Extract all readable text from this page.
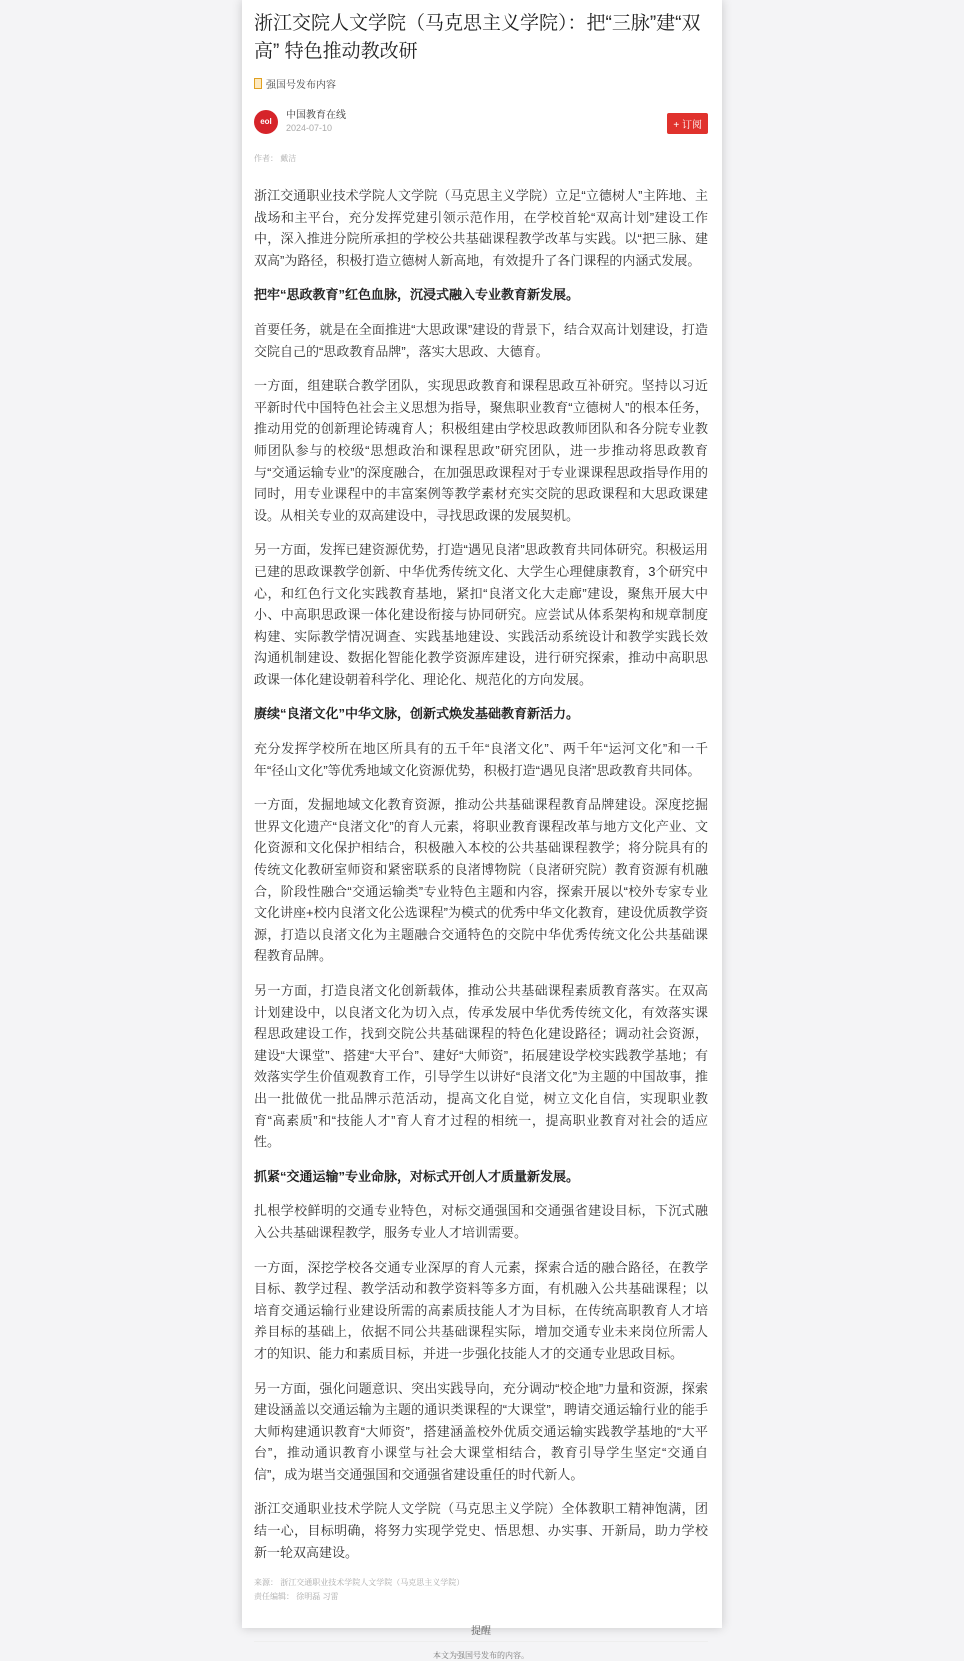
浙江交院人文学院（马克思主义学院）：把“三脉”建“双高” 特色推动教改研
强国号发布内容
eol
中国教育在线
2024-07-10	+ 订阅
作者： 戴洁

浙江交通职业技术学院人文学院（马克思主义学院）立足“立德树人”主阵地、主战场和主平台，充分发挥党建引领示范作用，在学校首轮“双高计划”建设工作中，深入推进分院所承担的学校公共基础课程教学改革与实践。以“把三脉、建双高”为路径，积极打造立德树人新高地，有效提升了各门课程的内涵式发展。

把牢“思政教育”红色血脉，沉浸式融入专业教育新发展。

首要任务，就是在全面推进“大思政课”建设的背景下，结合双高计划建设，打造交院自己的“思政教育品牌”，落实大思政、大德育。

一方面，组建联合教学团队，实现思政教育和课程思政互补研究。坚持以习近平新时代中国特色社会主义思想为指导，聚焦职业教育“立德树人”的根本任务，推动用党的创新理论铸魂育人；积极组建由学校思政教师团队和各分院专业教师团队参与的校级“思想政治和课程思政”研究团队，进一步推动将思政教育与“交通运输专业”的深度融合，在加强思政课程对于专业课课程思政指导作用的同时，用专业课程中的丰富案例等教学素材充实交院的思政课程和大思政课建设。从相关专业的双高建设中，寻找思政课的发展契机。

另一方面，发挥已建资源优势，打造“遇见良渚”思政教育共同体研究。积极运用已建的思政课教学创新、中华优秀传统文化、大学生心理健康教育，3个研究中心，和红色行文化实践教育基地，紧扣“良渚文化大走廊”建设，聚焦开展大中小、中高职思政课一体化建设衔接与协同研究。应尝试从体系架构和规章制度构建、实际教学情况调查、实践基地建设、实践活动系统设计和教学实践长效沟通机制建设、数据化智能化教学资源库建设，进行研究探索，推动中高职思政课一体化建设朝着科学化、理论化、规范化的方向发展。

赓续“良渚文化”中华文脉，创新式焕发基础教育新活力。

充分发挥学校所在地区所具有的五千年“良渚文化”、两千年“运河文化”和一千年“径山文化”等优秀地域文化资源优势，积极打造“遇见良渚”思政教育共同体。

一方面，发掘地域文化教育资源，推动公共基础课程教育品牌建设。深度挖掘世界文化遗产“良渚文化”的育人元素，将职业教育课程改革与地方文化产业、文化资源和文化保护相结合，积极融入本校的公共基础课程教学；将分院具有的传统文化教研室师资和紧密联系的良渚博物院（良渚研究院）教育资源有机融合，阶段性融合“交通运输类”专业特色主题和内容，探索开展以“校外专家专业文化讲座+校内良渚文化公选课程”为模式的优秀中华文化教育，建设优质教学资源，打造以良渚文化为主题融合交通特色的交院中华优秀传统文化公共基础课程教育品牌。

另一方面，打造良渚文化创新载体，推动公共基础课程素质教育落实。在双高计划建设中，以良渚文化为切入点，传承发展中华优秀传统文化，有效落实课程思政建设工作，找到交院公共基础课程的特色化建设路径；调动社会资源，建设“大课堂”、搭建“大平台”、建好“大师资”，拓展建设学校实践教学基地；有效落实学生价值观教育工作，引导学生以讲好“良渚文化”为主题的中国故事，推出一批做优一批品牌示范活动，提高文化自觉，树立文化自信，实现职业教育“高素质”和“技能人才”育人育才过程的相统一，提高职业教育对社会的适应性。

抓紧“交通运输”专业命脉，对标式开创人才质量新发展。

扎根学校鲜明的交通专业特色，对标交通强国和交通强省建设目标，下沉式融入公共基础课程教学，服务专业人才培训需要。

一方面，深挖学校各交通专业深厚的育人元素，探索合适的融合路径，在教学目标、教学过程、教学活动和教学资料等多方面，有机融入公共基础课程；以培育交通运输行业建设所需的高素质技能人才为目标，在传统高职教育人才培养目标的基础上，依据不同公共基础课程实际，增加交通专业未来岗位所需人才的知识、能力和素质目标，并进一步强化技能人才的交通专业思政目标。

另一方面，强化问题意识、突出实践导向，充分调动“校企地”力量和资源，探索建设涵盖以交通运输为主题的通识类课程的“大课堂”，聘请交通运输行业的能手大师构建通识教育“大师资”，搭建涵盖校外优质交通运输实践教学基地的“大平台”，推动通识教育小课堂与社会大课堂相结合，教育引导学生坚定“交通自信”，成为堪当交通强国和交通强省建设重任的时代新人。

浙江交通职业技术学院人文学院（马克思主义学院）全体教职工精神饱满，团结一心，目标明确，将努力实现学党史、悟思想、办实事、开新局，助力学校新一轮双高建设。

来源： 浙江交通职业技术学院人文学院（马克思主义学院）
责任编辑： 徐明磊 习雷
提醒
本文为强国号发布的内容。
